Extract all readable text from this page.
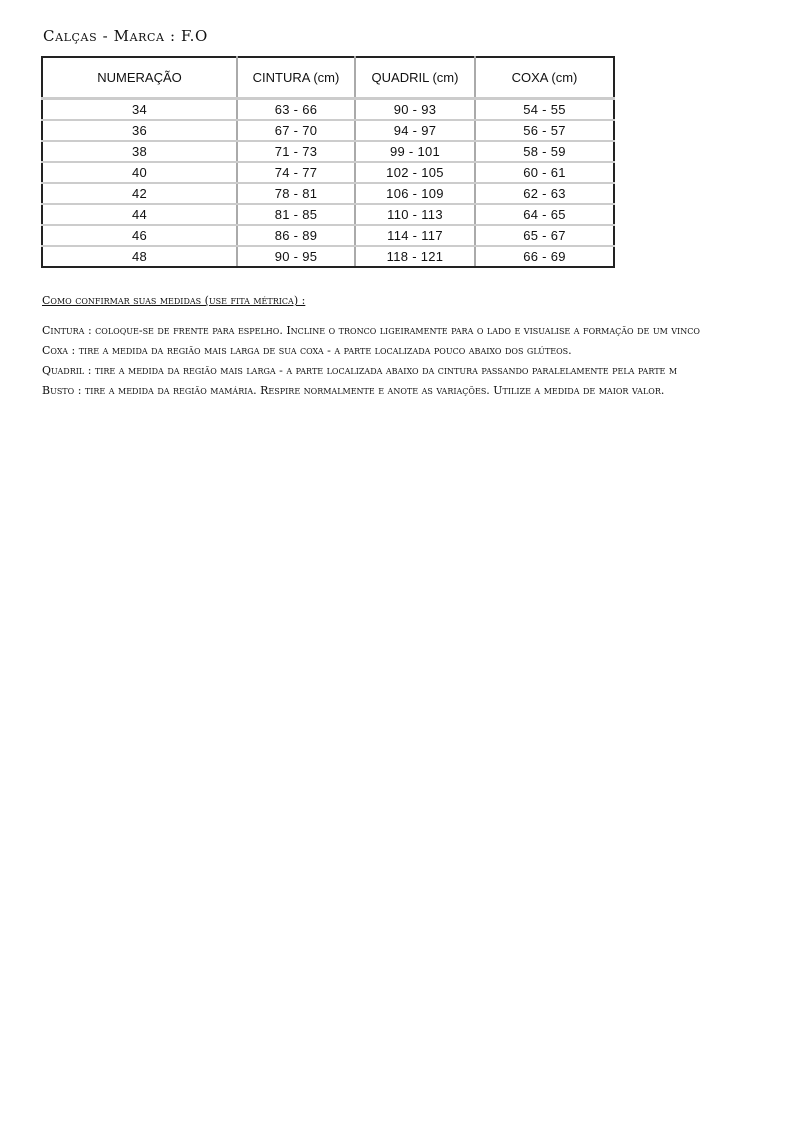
Calças - Marca : F.O
NUMERAÇÃO	CINTURA (cm)	QUADRIL (cm)	COXA (cm)
34	63 - 66	90 - 93	54 - 55
36	67 - 70	94 - 97	56 - 57
38	71 - 73	99 - 101	58 - 59
40	74 - 77	102 - 105	60 - 61
42	78 - 81	106 - 109	62 - 63
44	81 - 85	110 - 113	64 - 65
46	86 - 89	114 - 117	65 - 67
48	90 - 95	118 - 121	66 - 69
Como confirmar suas medidas (use fita métrica) :
Cintura : coloque-se de frente para espelho. Incline o tronco ligeiramente para o lado e visualise a formação de um vinco
Coxa : tire a medida da região mais larga de sua coxa - a parte localizada pouco abaixo dos glúteos.
Quadril : tire a medida da região mais larga - a parte localizada abaixo da cintura passando paralelamente pela parte m
Busto : tire a medida da região mamária. Respire normalmente e anote as variações. Utilize a medida de maior valor.
